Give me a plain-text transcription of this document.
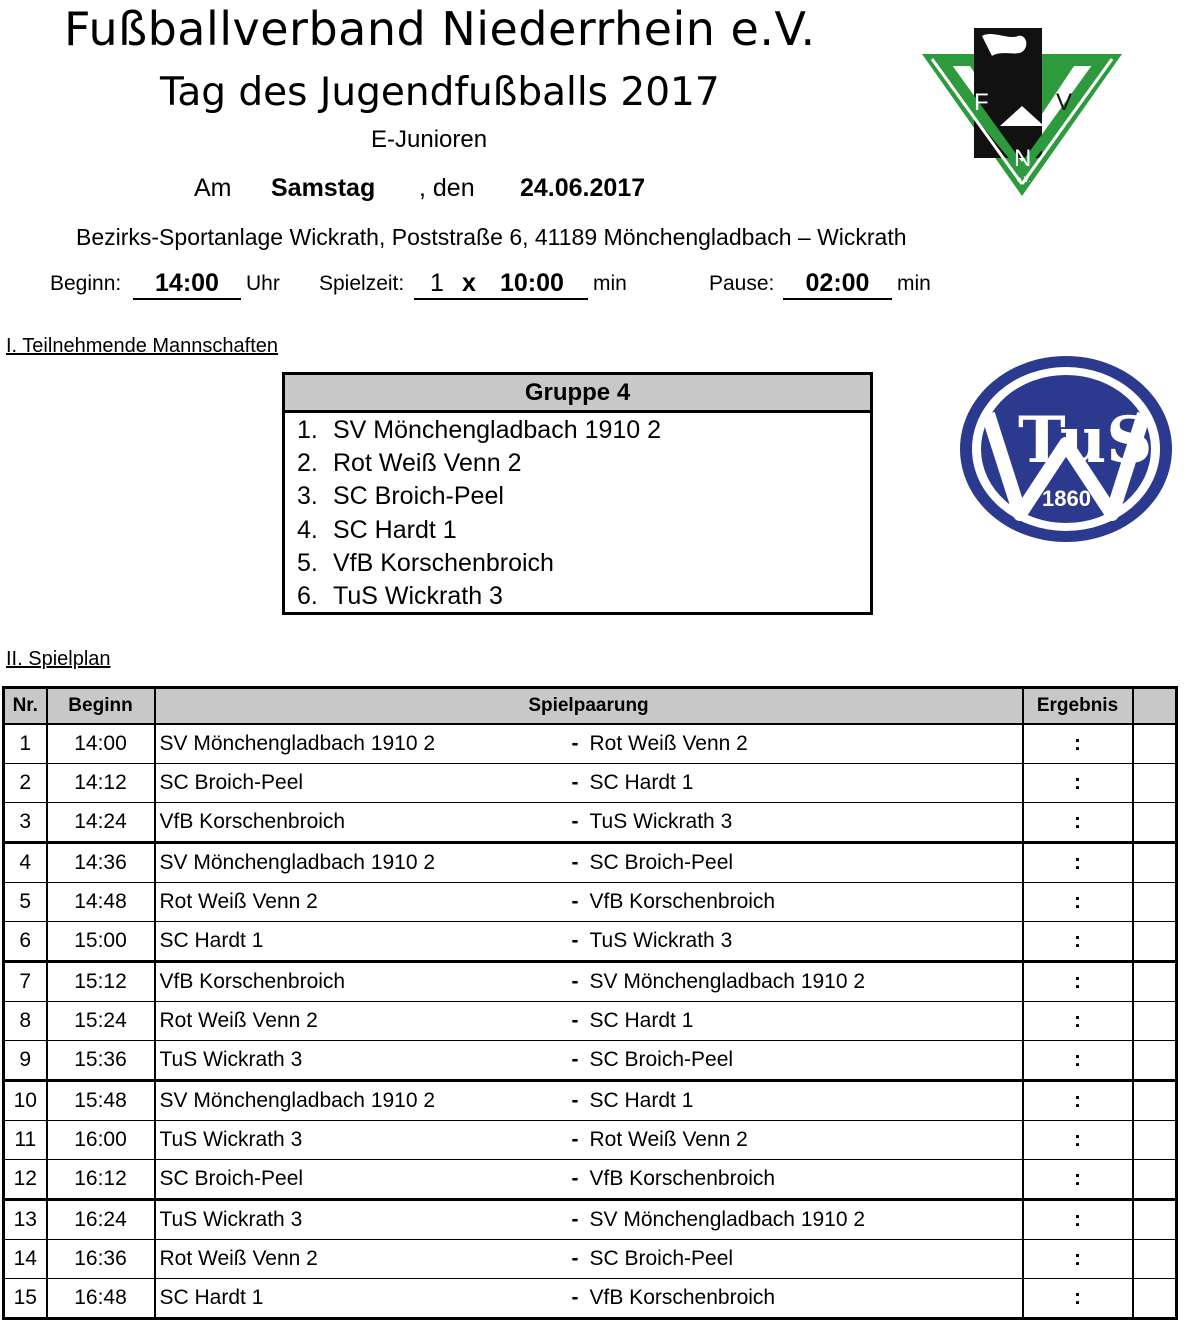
Fußballverband Niederrhein e.V.
Tag des Jugendfußballs 2017
E-Junioren
Am Samstag , den 24.06.2017
Bezirks-Sportanlage Wickrath, Poststraße 6, 41189 Mönchengladbach – Wickrath
Beginn:	14:00	Uhr Spielzeit: 1 x 10:00 min	Pause:	02:00	min
F	V
N
e.V.
I. Teilnehmende Mannschaften
Gruppe 4
1. SV Mönchengladbach 1910 2
2. Rot Weiß Venn 2
3. SC Broich-Peel
4. SC Hardt 1
5. VfB Korschenbroich
6. TuS Wickrath 3
TuS
1860
II. Spielplan
Nr.	Beginn	Spielpaarung	Ergebnis	
1	14:00	SV Mönchengladbach 1910 2 - Rot Weiß Venn 2	:	
2	14:12	SC Broich-Peel - SC Hardt 1	:	
3	14:24	VfB Korschenbroich - TuS Wickrath 3	:	
4	14:36	SV Mönchengladbach 1910 2 - SC Broich-Peel	:	
5	14:48	Rot Weiß Venn 2 - VfB Korschenbroich	:	
6	15:00	SC Hardt 1 - TuS Wickrath 3	:	
7	15:12	VfB Korschenbroich - SV Mönchengladbach 1910 2	:	
8	15:24	Rot Weiß Venn 2 - SC Hardt 1	:	
9	15:36	TuS Wickrath 3 - SC Broich-Peel	:	
10	15:48	SV Mönchengladbach 1910 2 - SC Hardt 1	:	
11	16:00	TuS Wickrath 3 - Rot Weiß Venn 2	:	
12	16:12	SC Broich-Peel - VfB Korschenbroich	:	
13	16:24	TuS Wickrath 3 - SV Mönchengladbach 1910 2	:	
14	16:36	Rot Weiß Venn 2 - SC Broich-Peel	:	
15	16:48	SC Hardt 1 - VfB Korschenbroich	:	
